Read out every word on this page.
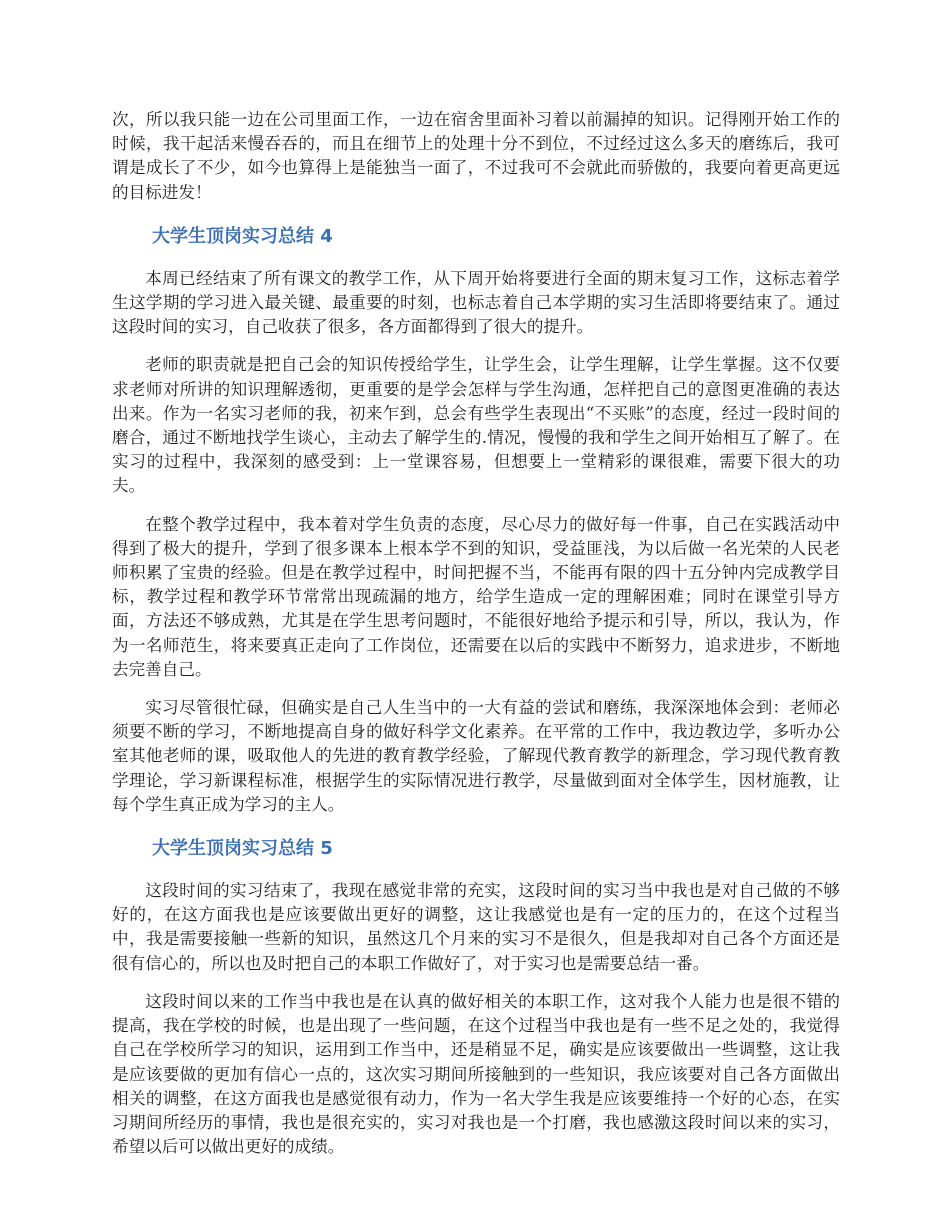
次，所以我只能一边在公司里面工作，一边在宿舍里面补习着以前漏掉的知识。记得刚开始工作的时候，我干起活来慢吞吞的，而且在细节上的处理十分不到位，不过经过这么多天的磨练后，我可谓是成长了不少，如今也算得上是能独当一面了，不过我可不会就此而骄傲的，我要向着更高更远的目标进发！

大学生顶岗实习总结 4

本周已经结束了所有课文的教学工作，从下周开始将要进行全面的期末复习工作，这标志着学生这学期的学习进入最关键、最重要的时刻，也标志着自己本学期的实习生活即将要结束了。通过这段时间的实习，自己收获了很多，各方面都得到了很大的提升。

老师的职责就是把自己会的知识传授给学生，让学生会，让学生理解，让学生掌握。这不仅要求老师对所讲的知识理解透彻，更重要的是学会怎样与学生沟通，怎样把自己的意图更准确的表达出来。作为一名实习老师的我，初来乍到，总会有些学生表现出“不买账”的态度，经过一段时间的磨合，通过不断地找学生谈心，主动去了解学生的.情况，慢慢的我和学生之间开始相互了解了。在实习的过程中，我深刻的感受到：上一堂课容易，但想要上一堂精彩的课很难，需要下很大的功夫。

在整个教学过程中，我本着对学生负责的态度，尽心尽力的做好每一件事，自己在实践活动中得到了极大的提升，学到了很多课本上根本学不到的知识，受益匪浅，为以后做一名光荣的人民老师积累了宝贵的经验。但是在教学过程中，时间把握不当，不能再有限的四十五分钟内完成教学目标，教学过程和教学环节常常出现疏漏的地方，给学生造成一定的理解困难；同时在课堂引导方面，方法还不够成熟，尤其是在学生思考问题时，不能很好地给予提示和引导，所以，我认为，作为一名师范生，将来要真正走向了工作岗位，还需要在以后的实践中不断努力，追求进步，不断地去完善自己。

实习尽管很忙碌，但确实是自己人生当中的一大有益的尝试和磨练，我深深地体会到：老师必须要不断的学习，不断地提高自身的做好科学文化素养。在平常的工作中，我边教边学，多听办公室其他老师的课，吸取他人的先进的教育教学经验，了解现代教育教学的新理念，学习现代教育教学理论，学习新课程标准，根据学生的实际情况进行教学，尽量做到面对全体学生，因材施教，让每个学生真正成为学习的主人。

大学生顶岗实习总结 5

这段时间的实习结束了，我现在感觉非常的充实，这段时间的实习当中我也是对自己做的不够好的，在这方面我也是应该要做出更好的调整，这让我感觉也是有一定的压力的，在这个过程当中，我是需要接触一些新的知识，虽然这几个月来的实习不是很久，但是我却对自己各个方面还是很有信心的，所以也及时把自己的本职工作做好了，对于实习也是需要总结一番。

这段时间以来的工作当中我也是在认真的做好相关的本职工作，这对我个人能力也是很不错的提高，我在学校的时候，也是出现了一些问题，在这个过程当中我也是有一些不足之处的，我觉得自己在学校所学习的知识，运用到工作当中，还是稍显不足，确实是应该要做出一些调整，这让我是应该要做的更加有信心一点的，这次实习期间所接触到的一些知识，我应该要对自己各方面做出相关的调整，在这方面我也是感觉很有动力，作为一名大学生我是应该要维持一个好的心态，在实习期间所经历的事情，我也是很充实的，实习对我也是一个打磨，我也感激这段时间以来的实习，希望以后可以做出更好的成绩。
